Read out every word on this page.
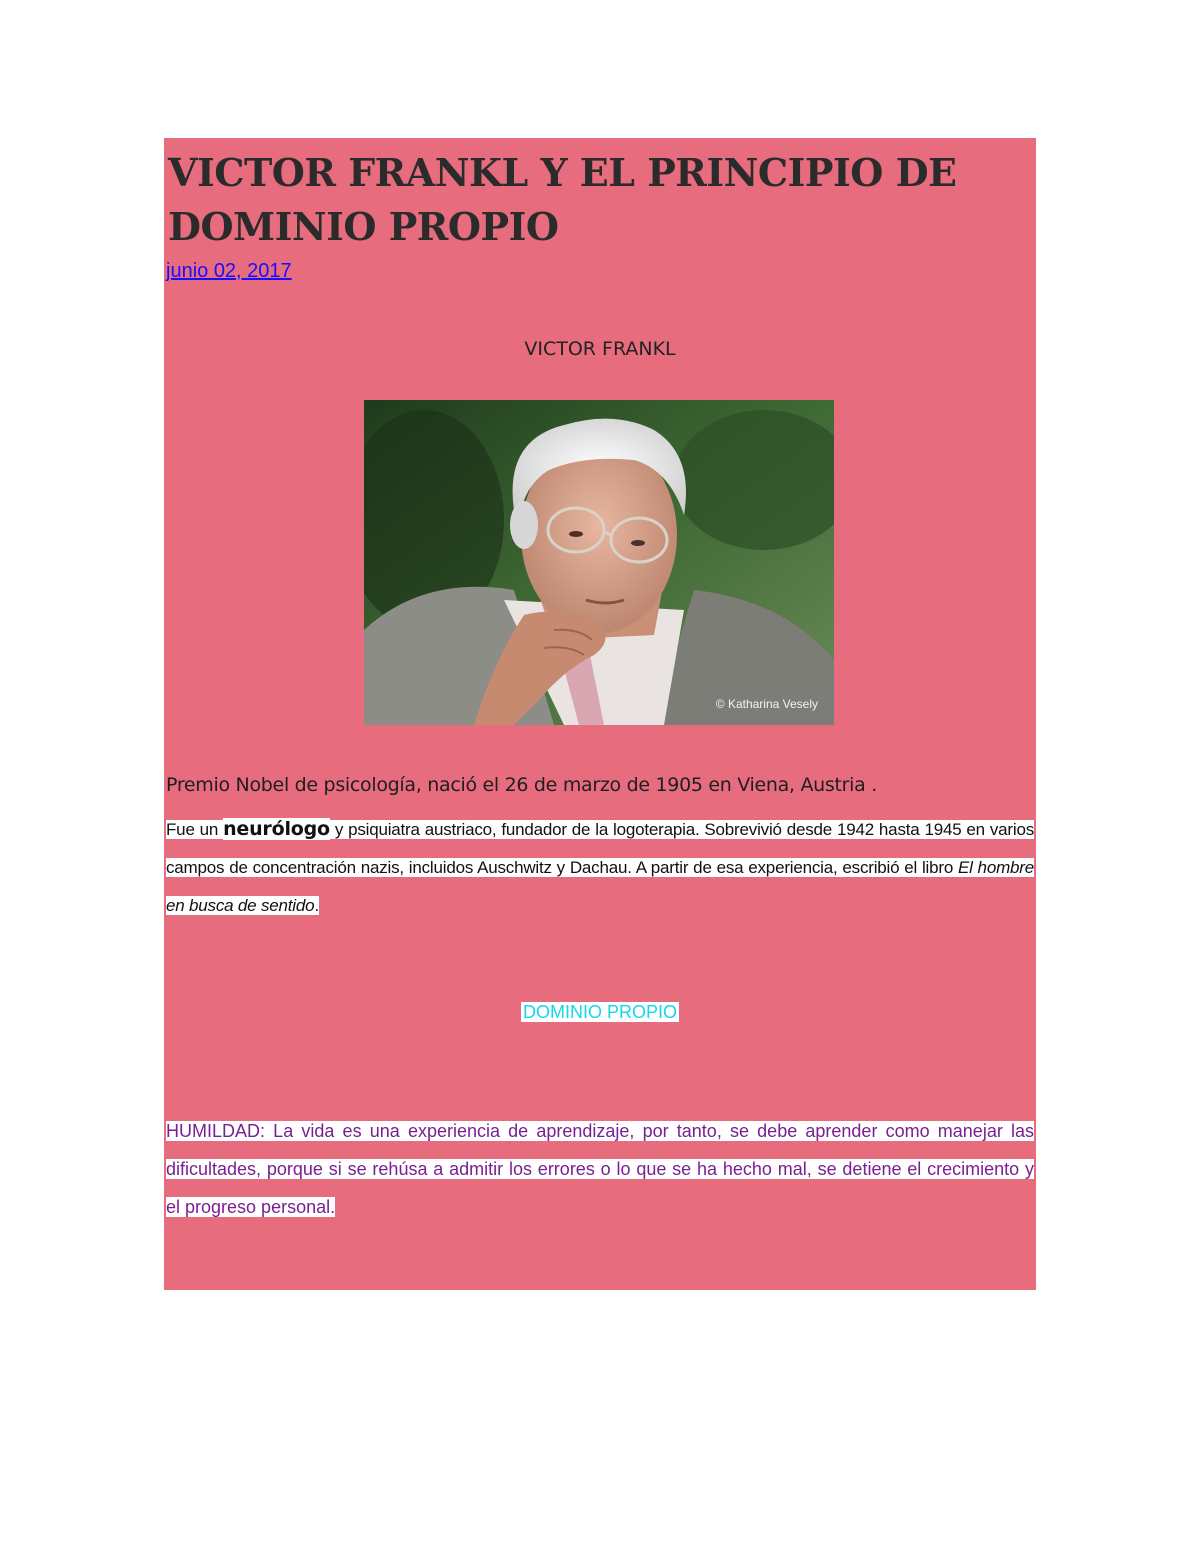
VICTOR FRANKL Y EL PRINCIPIO DE DOMINIO PROPIO
junio 02, 2017
VICTOR FRANKL
© Katharina Vesely
Premio Nobel de psicología, nació el 26 de marzo de 1905 en Viena, Austria .

Fue un neurólogo y psiquiatra austriaco, fundador de la logoterapia. Sobrevivió desde 1942 hasta 1945 en varios campos de concentración nazis, incluidos Auschwitz y Dachau. A partir de esa experiencia, escribió el libro El hombre en busca de sentido.

DOMINIO PROPIO

HUMILDAD: La vida es una experiencia de aprendizaje, por tanto, se debe aprender como manejar las dificultades, porque si se rehúsa a admitir los errores o lo que se ha hecho mal, se detiene el crecimiento y el progreso personal.
